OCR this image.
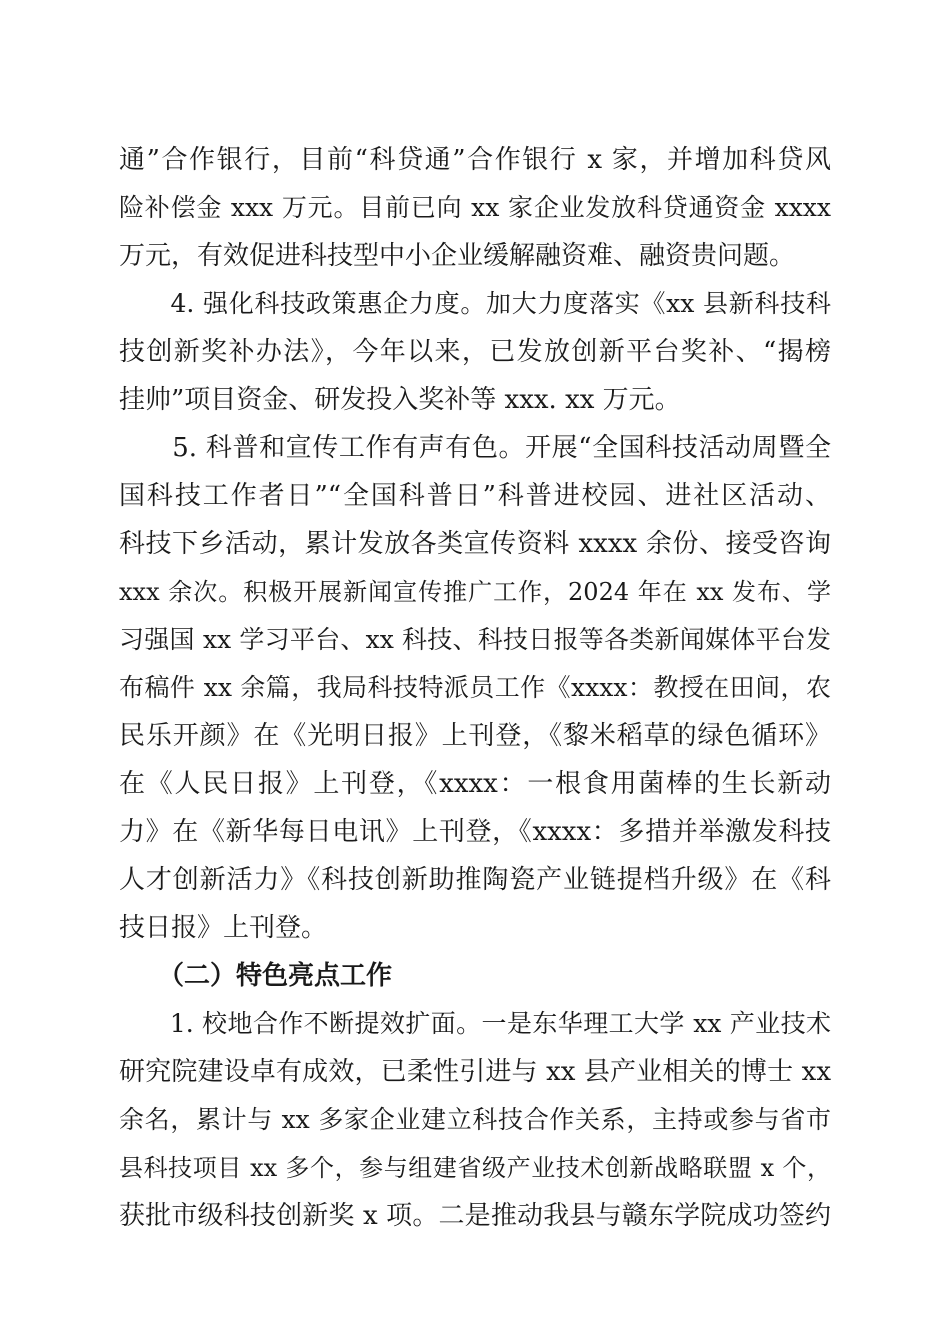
通”合作银行，目前“科贷通”合作银行 x 家，并增加科贷风
险补偿金 xxx 万元。目前已向 xx 家企业发放科贷通资金 xxxx
万元，有效促进科技型中小企业缓解融资难、融资贵问题。
　　4. 强化科技政策惠企力度。加大力度落实《xx 县新科技科
技创新奖补办法》，今年以来，已发放创新平台奖补、“揭榜
挂帅”项目资金、研发投入奖补等 xxx. xx 万元。
　　5. 科普和宣传工作有声有色。开展“全国科技活动周暨全
国科技工作者日”“全国科普日”科普进校园、进社区活动、
科技下乡活动，累计发放各类宣传资料 xxxx 余份、接受咨询
xxx 余次。积极开展新闻宣传推广工作，2024 年在 xx 发布、学
习强国 xx 学习平台、xx 科技、科技日报等各类新闻媒体平台发
布稿件 xx 余篇，我局科技特派员工作《xxxx：教授在田间，农
民乐开颜》在《光明日报》上刊登，《黎米稻草的绿色循环》
在《人民日报》上刊登，《xxxx：一根食用菌棒的生长新动
力》在《新华每日电讯》上刊登，《xxxx：多措并举激发科技
人才创新活力》《科技创新助推陶瓷产业链提档升级》在《科
技日报》上刊登。
　　（二）特色亮点工作
　　1. 校地合作不断提效扩面。一是东华理工大学 xx 产业技术
研究院建设卓有成效，已柔性引进与 xx 县产业相关的博士 xx
余名，累计与 xx 多家企业建立科技合作关系，主持或参与省市
县科技项目 xx 多个，参与组建省级产业技术创新战略联盟 x 个，
获批市级科技创新奖 x 项。二是推动我县与赣东学院成功签约
